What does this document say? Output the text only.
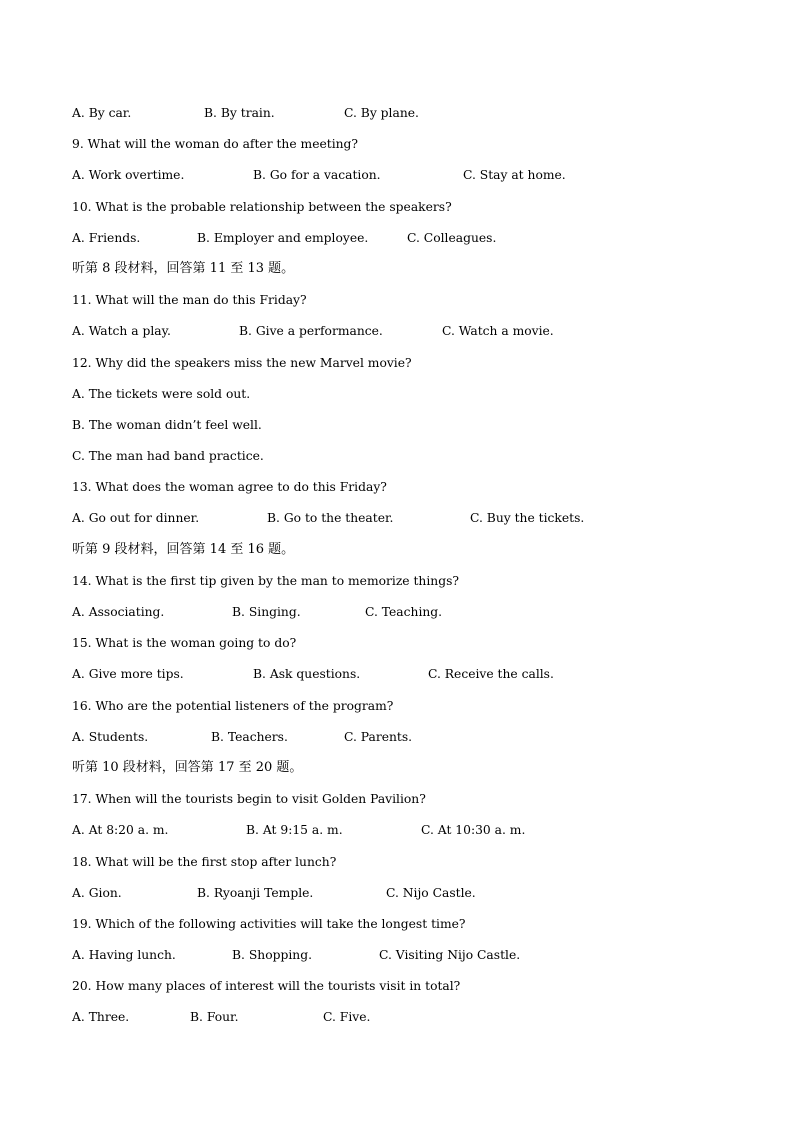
A. By car.	B. By train.	C. By plane.
9. What will the woman do after the meeting?
A. Work overtime.	B. Go for a vacation.	C. Stay at home.
10. What is the probable relationship between the speakers?
A. Friends.	B. Employer and employee.	C. Colleagues.
听第 8 段材料，回答第 11 至 13 题。
11. What will the man do this Friday?
A. Watch a play.	B. Give a performance.	C. Watch a movie.
12. Why did the speakers miss the new Marvel movie?
A. The tickets were sold out.
B. The woman didn’t feel well.
C. The man had band practice.
13. What does the woman agree to do this Friday?
A. Go out for dinner.	B. Go to the theater.	C. Buy the tickets.
听第 9 段材料，回答第 14 至 16 题。
14. What is the first tip given by the man to memorize things?
A. Associating.	B. Singing.	C. Teaching.
15. What is the woman going to do?
A. Give more tips.	B. Ask questions.	C. Receive the calls.
16. Who are the potential listeners of the program?
A. Students.	B. Teachers.	C. Parents.
听第 10 段材料，回答第 17 至 20 题。
17. When will the tourists begin to visit Golden Pavilion?
A. At 8:20 a. m.	B. At 9:15 a. m.	C. At 10:30 a. m.
18. What will be the first stop after lunch?
A. Gion.	B. Ryoanji Temple.	C. Nijo Castle.
19. Which of the following activities will take the longest time?
A. Having lunch.	B. Shopping.	C. Visiting Nijo Castle.
20. How many places of interest will the tourists visit in total?
A. Three.	B. Four.	C. Five.
